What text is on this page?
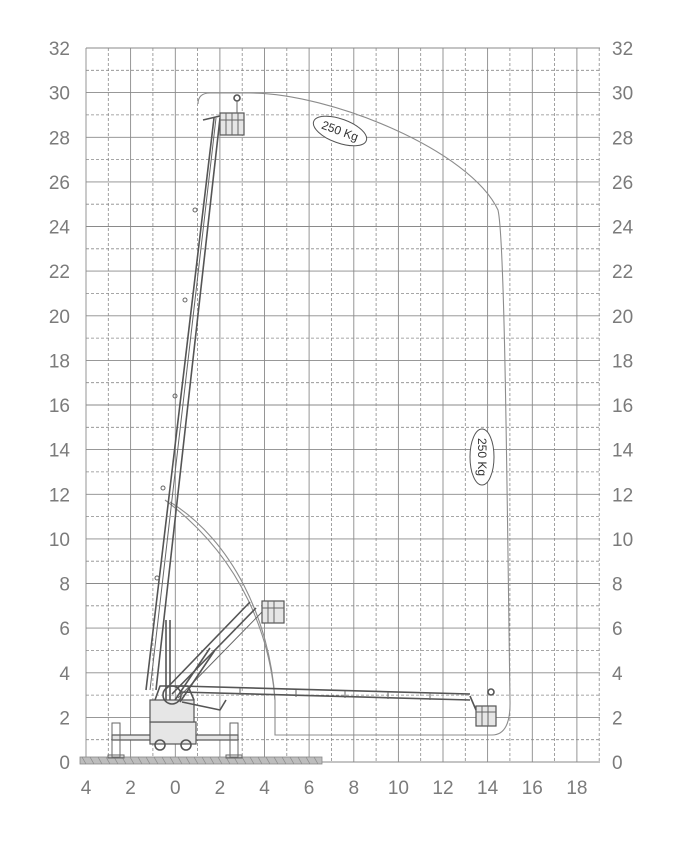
0
2
4
6
8
10
12
14
16
18
20
22
24
26
28
30
32
0
2
4
6
8
10
12
14
16
18
20
22
24
26
28
30
32
4 2 0 2 4 6 8 10 12 14 16 18
250 Kg
250 Kg
